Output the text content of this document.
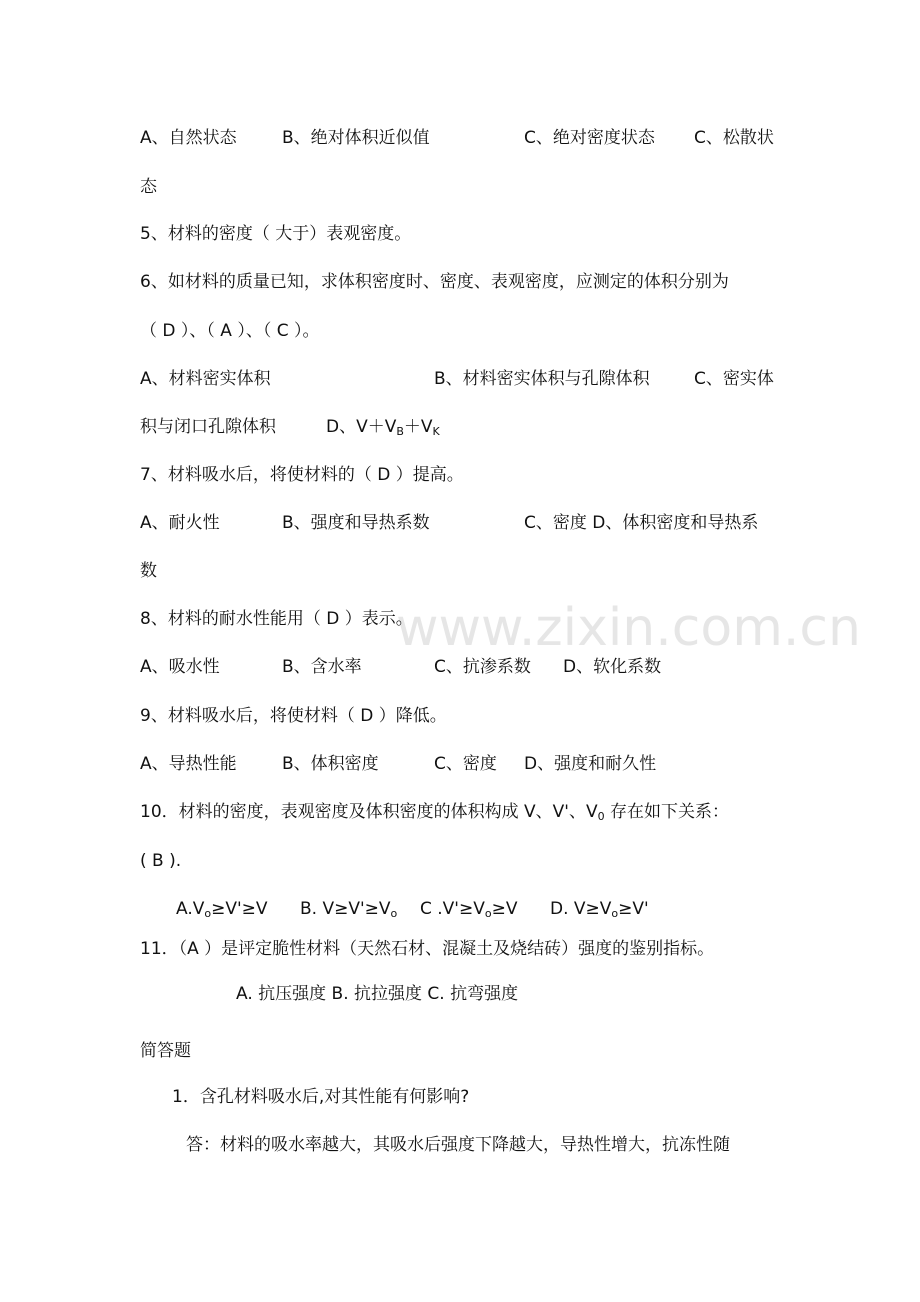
www.zixin.com.cn
A、自然状态	B、绝对体积近似值	C、绝对密度状态 C、松散状
态
5、材料的密度（ 大于）表观密度。
6、如材料的质量已知，求体积密度时、密度、表观密度，应测定的体积分别为
（ D ）、（ A ）、（ C ）。
A、材料密实体积	B、材料密实体积与孔隙体积	C、密实体
积与闭口孔隙体积	D、$V+V_B+V_K$
7、材料吸水后，将使材料的（ D ）提高。
A、耐火性	B、强度和导热系数	C、密度 D、体积密度和导热系
数
8、材料的耐水性能用（ D ）表示。
A、吸水性	B、含水率	C、抗渗系数 D、软化系数
9、材料吸水后，将使材料（ D ）降低。
A、导热性能	B、体积密度	C、密度 D、强度和耐久性
10．材料的密度，表观密度及体积密度的体积构成 V、V'、$V_0$ 存在如下关系：
( B ).
$A.V_o\ge V'\ge V$ B. $V\ge V'\ge V_o$ C $.V'\ge V_o\ge V$ D. $V\ge V_o\ge V'$
11．（A ）是评定脆性材料（天然石材、混凝土及烧结砖）强度的鉴别指标。
A. 抗压强度 B. 抗拉强度 C. 抗弯强度
简答题
1．含孔材料吸水后,对其性能有何影响?
答：材料的吸水率越大，其吸水后强度下降越大，导热性增大，抗冻性随
